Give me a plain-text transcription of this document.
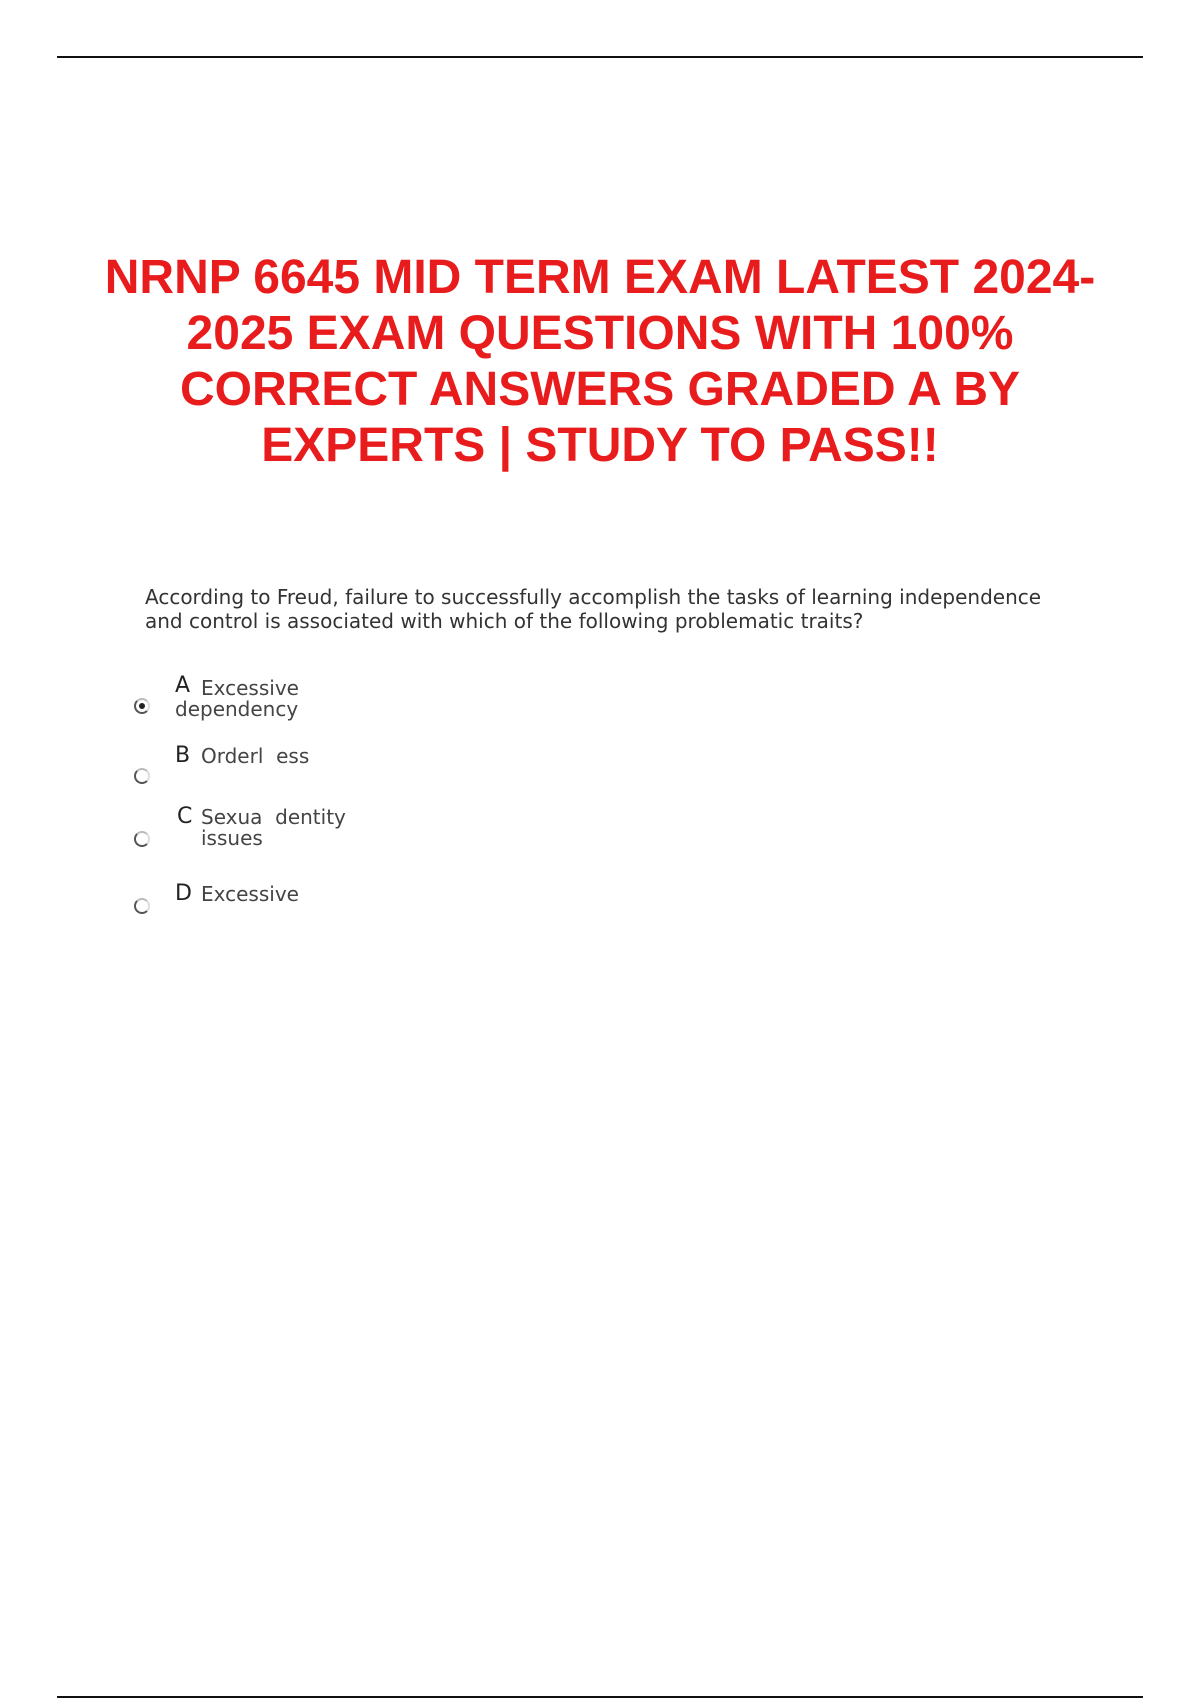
NRNP 6645 MID TERM EXAM LATEST 2024-2025 EXAM QUESTIONS WITH 100% CORRECT ANSWERS GRADED A BY EXPERTS | STUDY TO PASS!!

According to Freud, failure to successfully accomplish the tasks of learning independence and control is associated with which of the following problematic traits?

A Excessive
dependency
B Orderl  ess
C Sexua  dentity
issues
D Excessive
